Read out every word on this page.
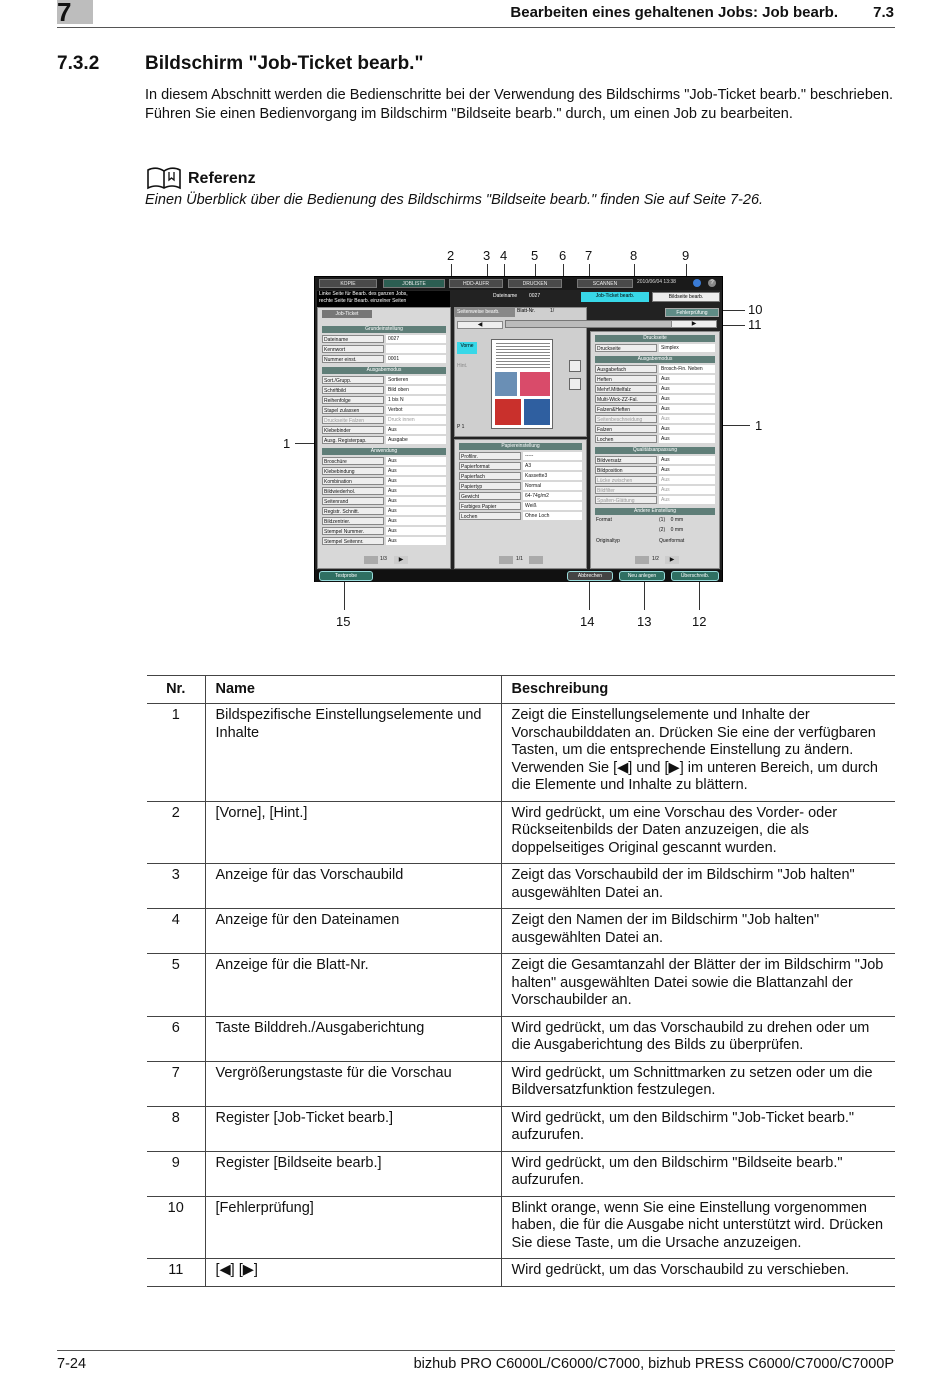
7	Bearbeiten eines gehaltenen Jobs: Job bearb. 7.3
7.3.2 Bildschirm "Job-Ticket bearb."

In diesem Abschnitt werden die Bedienschritte bei der Verwendung des Bildschirms "Job-Ticket bearb." beschrieben. Führen Sie einen Bedienvorgang im Bildschirm "Bildseite bearb." durch, um einen Job zu bearbeiten.

Referenz
Einen Überblick über die Bedienung des Bildschirms "Bildseite bearb." finden Sie auf Seite 7-26.
2 3 4 5 6 7	8	9
10
11
1
1
15	14	13	12
KOPIE	JOBLISTE	HDD-AUFR	DRUCKEN	SCANNEN	2010/06/04 13:38	?
Linke Seite für Bearb. des ganzen Jobs,
rechte Seite für Bearb. einzelner Seiten
Dateiname 0027	Job-Ticket bearb.	Bildseite bearb.
Job-Ticket
Grundeinstellung
Dateiname	0027
Kennwort
Nummer einst.	0001
Ausgabemodus
Sort./Grupp.	Sortieren
Schriftbild	Bild oben
Reihenfolge	1 bis N
Stapel zulassen	Verbot
Druckseite Falzen	Druck innen
Klebebinder	Aus
Ausg. Registerpap.	Ausgabe
Anwendung
Broschüre	Aus
Klebebindung	Aus
Kombination	Aus
Bildwiederhol.	Aus
Seitenrand	Aus
Registr. Schnitt.	Aus
Bildzentrier.	Aus
Stempel Nummer.	Aus
Stempel Seitennr.	Aus
1/3	▶
Seitenweise bearb.	Blatt-Nr.	1/
◀
Vorne
Hint.
P 1
Papiereinstellung
Profilnr.	-----
Papierformat	A3
Papierfach	Kassette3
Papiertyp	Normal
Gewicht	64-74g/m2
Farbiges Papier	Weiß
Lochen	Ohne Loch
1/1
▶
Fehlerprüfung
Druckseite
Druckseite	Simplex
Ausgabemodus
Ausgabefach	Brosch-Fin. Neben
Heften	Aus
Mehrf.Mittelfalz	Aus
Multi-Wick-ZZ-Fal.	Aus
Falzen&Heften	Aus
Seitenbeschneidung	Aus
Falzen	Aus
Lochen	Aus
Qualitätsanpassung
Bildversatz	Aus
Bildposition	Aus
Lücke zwischen	Aus
Bildfilter	Aus
Spalten-Glättung	Aus
Andere Einstellung
Format	(1)    0 mm
(2)    0 mm
Originaltyp	Querformat
1/2	▶
Testprobe	Abbrechen	Neu anlegen	Überschreib.
Nr.	Name	Beschreibung
1	Bildspezifische Einstellungselemente und Inhalte	Zeigt die Einstellungselemente und Inhalte der Vorschaubilddaten an. Drücken Sie eine der verfügbaren Tasten, um die entsprechende Einstellung zu ändern. Verwenden Sie [◀] und [▶] im unteren Bereich, um durch die Elemente und Inhalte zu blättern.
2	[Vorne], [Hint.]	Wird gedrückt, um eine Vorschau des Vorder- oder Rückseitenbilds der Daten anzuzeigen, die als doppelseitiges Original gescannt wurden.
3	Anzeige für das Vorschaubild	Zeigt das Vorschaubild der im Bildschirm "Job halten" ausgewählten Datei an.
4	Anzeige für den Dateinamen	Zeigt den Namen der im Bildschirm "Job halten" ausgewählten Datei an.
5	Anzeige für die Blatt-Nr.	Zeigt die Gesamtanzahl der Blätter der im Bildschirm "Job halten" ausgewählten Datei sowie die Blattanzahl der Vorschaubilder an.
6	Taste Bilddreh./Ausgaberichtung	Wird gedrückt, um das Vorschaubild zu drehen oder um die Ausgaberichtung des Bilds zu überprüfen.
7	Vergrößerungstaste für die Vorschau	Wird gedrückt, um Schnittmarken zu setzen oder um die Bildversatzfunktion festzulegen.
8	Register [Job-Ticket bearb.]	Wird gedrückt, um den Bildschirm "Job-Ticket bearb." aufzurufen.
9	Register [Bildseite bearb.]	Wird gedrückt, um den Bildschirm "Bildseite bearb." aufzurufen.
10	[Fehlerprüfung]	Blinkt orange, wenn Sie eine Einstellung vorgenommen haben, die für die Ausgabe nicht unterstützt wird. Drücken Sie diese Taste, um die Ursache anzuzeigen.
11	[◀] [▶]	Wird gedrückt, um das Vorschaubild zu verschieben.
7-24	bizhub PRO C6000L/C6000/C7000, bizhub PRESS C6000/C7000/C7000P
